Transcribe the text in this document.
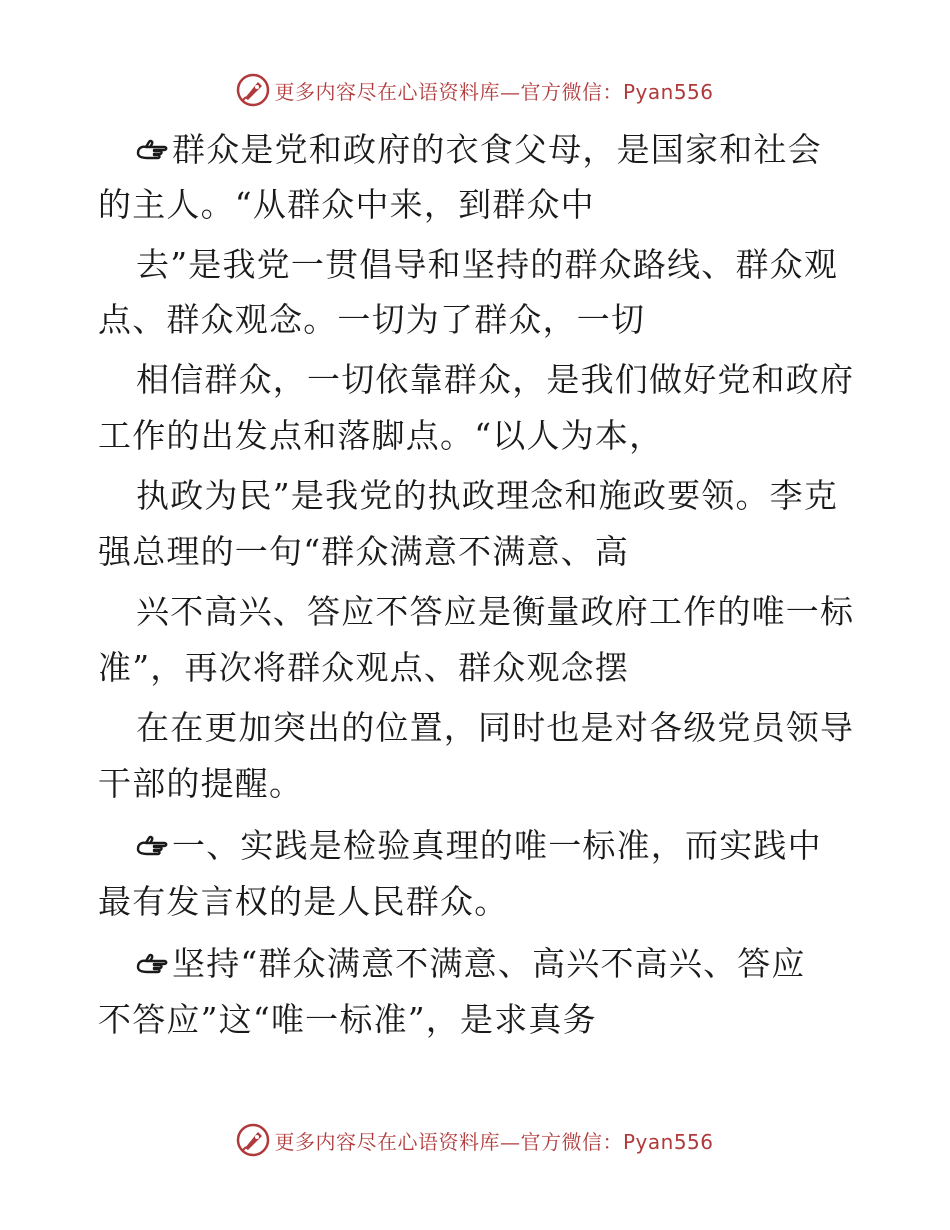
更多内容尽在心语资料库—官方微信：Pyan556
群众是党和政府的衣食父母，是国家和社会
的主人。“从群众中来，到群众中
去”是我党一贯倡导和坚持的群众路线、群众观
点、群众观念。一切为了群众，一切
相信群众，一切依靠群众，是我们做好党和政府
工作的出发点和落脚点。“以人为本，
执政为民”是我党的执政理念和施政要领。李克
强总理的一句“群众满意不满意、高
兴不高兴、答应不答应是衡量政府工作的唯一标
准”，再次将群众观点、群众观念摆
在在更加突出的位置，同时也是对各级党员领导
干部的提醒。
一、实践是检验真理的唯一标准，而实践中
最有发言权的是人民群众。
坚持“群众满意不满意、高兴不高兴、答应
不答应”这“唯一标准”，是求真务
更多内容尽在心语资料库—官方微信：Pyan556
